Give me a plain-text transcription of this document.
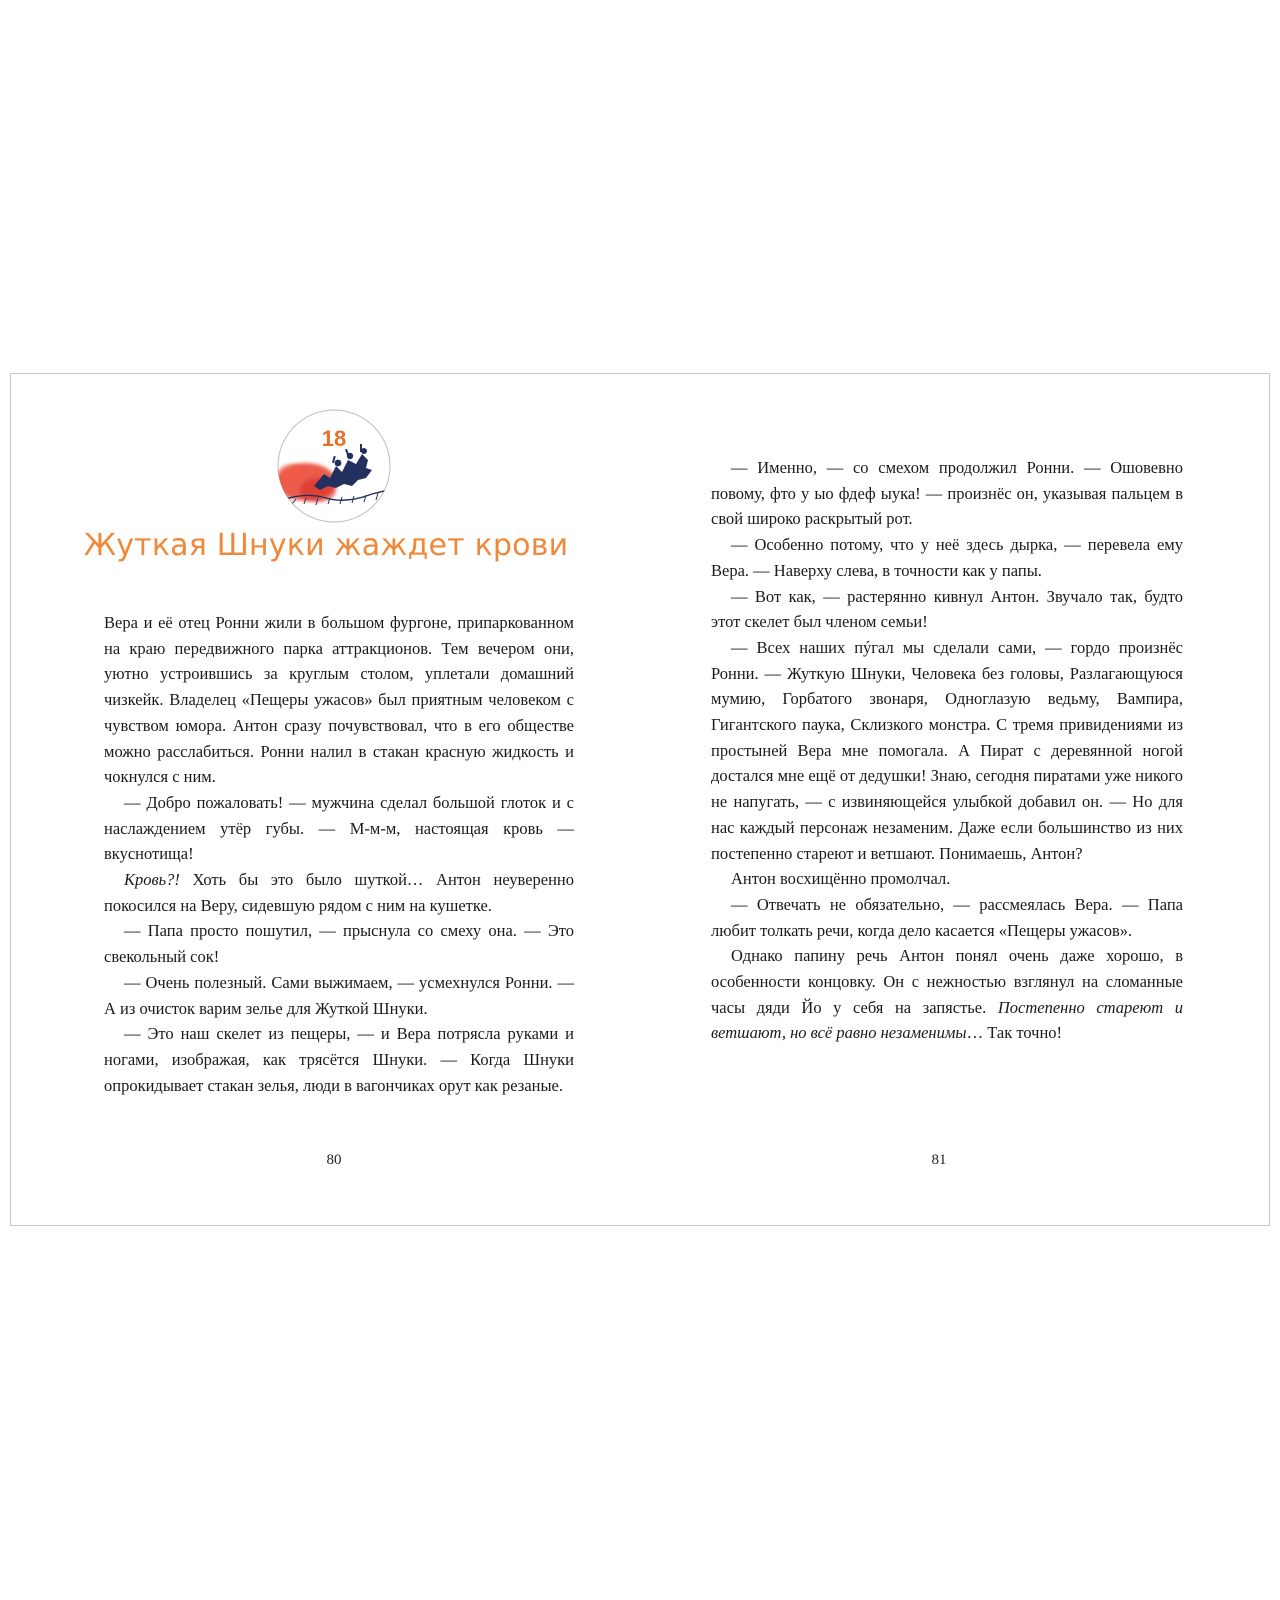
18
Жуткая Шнуки жаждет крови

Вера и её отец Ронни жили в большом фургоне, припаркованном на краю передвижного парка аттракционов. Тем вечером они, уютно устроившись за круглым столом, уплетали домашний чизкейк. Владелец «Пещеры ужасов» был приятным человеком с чувством юмора. Антон сразу почувствовал, что в его обществе можно расслабиться. Ронни налил в стакан красную жидкость и чокнулся с ним.

— Добро пожаловать! — мужчина сделал большой глоток и с наслаждением утёр губы. — М-м-м, настоящая кровь — вкуснотища!

Кровь?! Хоть бы это было шуткой… Антон неуверенно покосился на Веру, сидевшую рядом с ним на кушетке.

— Папа просто пошутил, — прыснула со смеху она. — Это свекольный сок!

— Очень полезный. Сами выжимаем, — усмехнулся Ронни. — А из очисток варим зелье для Жуткой Шнуки.

— Это наш скелет из пещеры, — и Вера потрясла руками и ногами, изображая, как трясётся Шнуки. — Когда Шнуки опрокидывает стакан зелья, люди в вагончиках орут как резаные.

80

— Именно, — со смехом продолжил Ронни. — Ошовевно повому, фто у ыо фдеф ыука! — произнёс он, указывая пальцем в свой широко раскрытый рот.

— Особенно потому, что у неё здесь дырка, — перевела ему Вера. — Наверху слева, в точности как у папы.

— Вот как, — растерянно кивнул Антон. Звучало так, будто этот скелет был членом семьи!

— Всех наших пýгал мы сделали сами, — гордо произнёс Ронни. — Жуткую Шнуки, Человека без головы, Разлагающуюся мумию, Горбатого звонаря, Одноглазую ведьму, Вампира, Гигантского паука, Склизкого монстра. С тремя привидениями из простыней Вера мне помогала. А Пират с деревянной ногой достался мне ещё от дедушки! Знаю, сегодня пиратами уже никого не напугать, — с извиняющейся улыбкой добавил он. — Но для нас каждый персонаж незаменим. Даже если большинство из них постепенно стареют и ветшают. Понимаешь, Антон?

Антон восхищённо промолчал.

— Отвечать не обязательно, — рассмеялась Вера. — Папа любит толкать речи, когда дело касается «Пещеры ужасов».

Однако папину речь Антон понял очень даже хорошо, в особенности концовку. Он с нежностью взглянул на сломанные часы дяди Йо у себя на запястье. Постепенно стареют и ветшают, но всё равно незаменимы… Так точно!

81
